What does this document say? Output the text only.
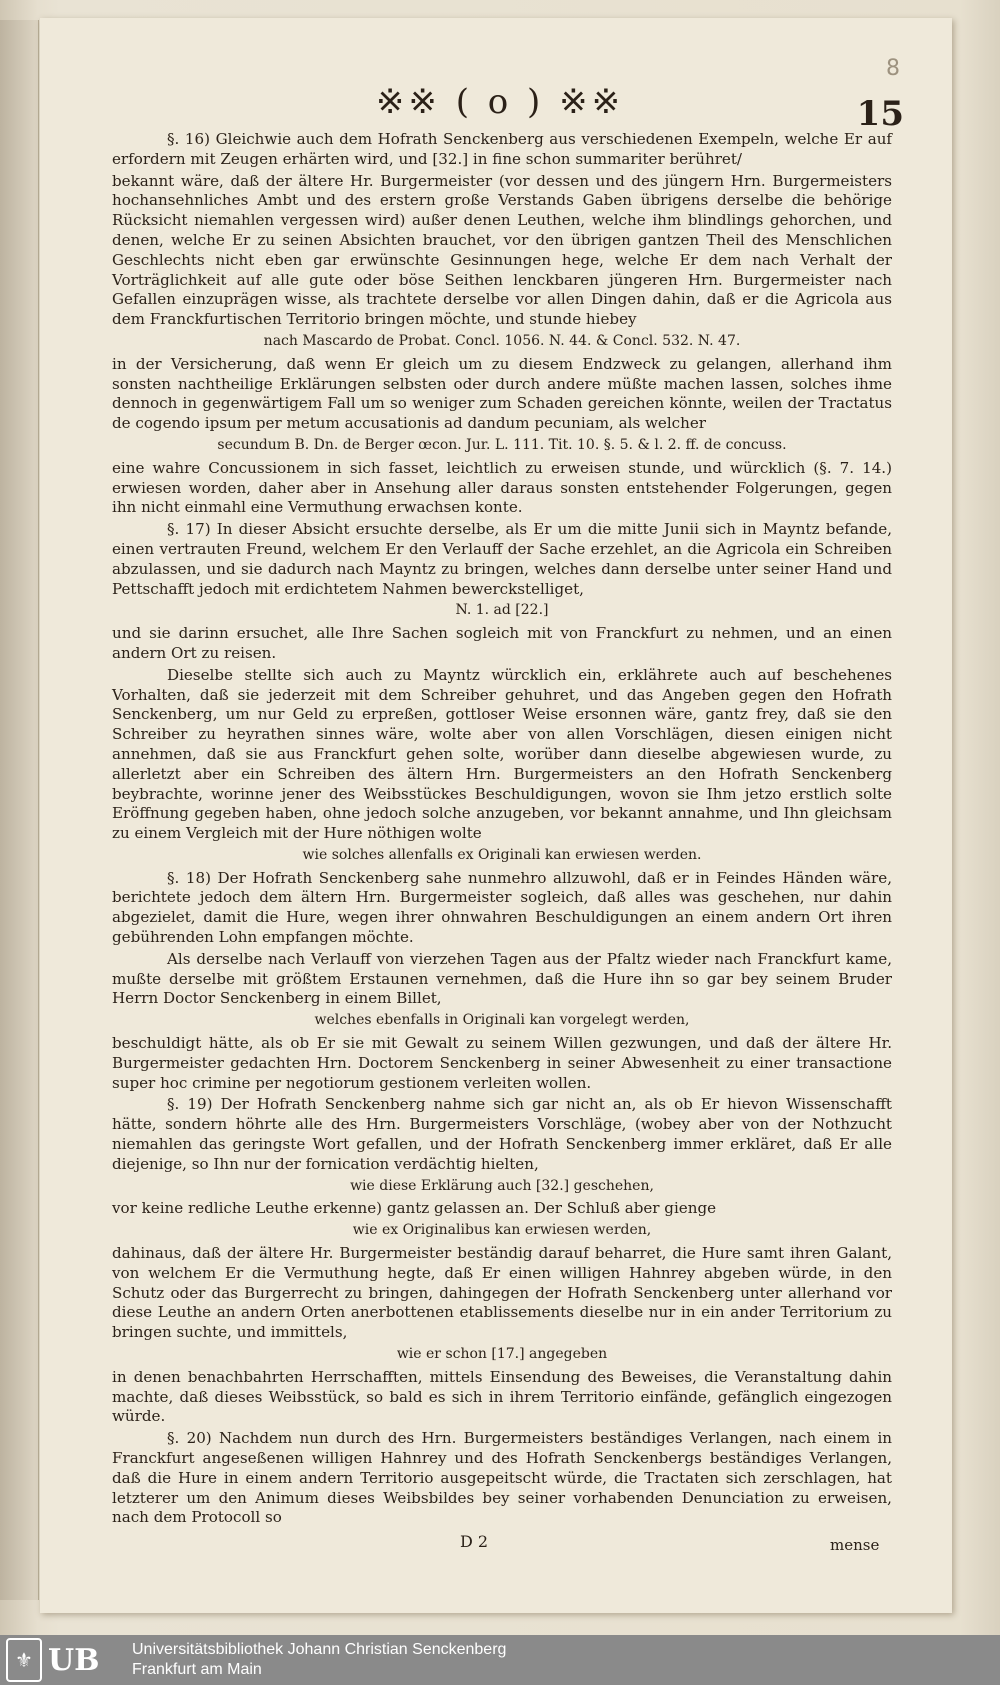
8
※※ ( o ) ※※	15

§. 16) Gleichwie auch dem Hofrath Senckenberg aus verschiedenen Exempeln, welche Er auf erfordern mit Zeugen erhärten wird, und [32.] in fine schon summariter berühret/

bekannt wäre, daß der ältere Hr. Burgermeister (vor dessen und des jüngern Hrn. Burgermeisters hochansehnliches Ambt und des erstern große Verstands Gaben übrigens derselbe die behörige Rücksicht niemahlen vergessen wird) außer denen Leuthen, welche ihm blindlings gehorchen, und denen, welche Er zu seinen Absichten brauchet, vor den übrigen gantzen Theil des Menschlichen Geschlechts nicht eben gar erwünschte Gesinnungen hege, welche Er dem nach Verhalt der Vorträglichkeit auf alle gute oder böse Seithen lenckbaren jüngeren Hrn. Burgermeister nach Gefallen einzuprägen wisse, als trachtete derselbe vor allen Dingen dahin, daß er die Agricola aus dem Franckfurtischen Territorio bringen möchte, und stunde hiebey

nach Mascardo de Probat. Concl. 1056. N. 44. & Concl. 532. N. 47.

in der Versicherung, daß wenn Er gleich um zu diesem Endzweck zu gelangen, allerhand ihm sonsten nachtheilige Erklärungen selbsten oder durch andere müßte machen lassen, solches ihme dennoch in gegenwärtigem Fall um so weniger zum Schaden gereichen könnte, weilen der Tractatus de cogendo ipsum per metum accusationis ad dandum pecuniam, als welcher

secundum B. Dn. de Berger œcon. Jur. L. 111. Tit. 10. §. 5. & l. 2. ff. de concuss.

eine wahre Concussionem in sich fasset, leichtlich zu erweisen stunde, und würcklich (§. 7. 14.) erwiesen worden, daher aber in Ansehung aller daraus sonsten entstehender Folgerungen, gegen ihn nicht einmahl eine Vermuthung erwachsen konte.

§. 17) In dieser Absicht ersuchte derselbe, als Er um die mitte Junii sich in Mayntz befande, einen vertrauten Freund, welchem Er den Verlauff der Sache erzehlet, an die Agricola ein Schreiben abzulassen, und sie dadurch nach Mayntz zu bringen, welches dann derselbe unter seiner Hand und Pettschafft jedoch mit erdichtetem Nahmen bewerckstelliget,

N. 1. ad [22.]

und sie darinn ersuchet, alle Ihre Sachen sogleich mit von Franckfurt zu nehmen, und an einen andern Ort zu reisen.

Dieselbe stellte sich auch zu Mayntz würcklich ein, erklährete auch auf beschehenes Vorhalten, daß sie jederzeit mit dem Schreiber gehuhret, und das Angeben gegen den Hofrath Senckenberg, um nur Geld zu erpreßen, gottloser Weise ersonnen wäre, gantz frey, daß sie den Schreiber zu heyrathen sinnes wäre, wolte aber von allen Vorschlägen, diesen einigen nicht annehmen, daß sie aus Franckfurt gehen solte, worüber dann dieselbe abgewiesen wurde, zu allerletzt aber ein Schreiben des ältern Hrn. Burgermeisters an den Hofrath Senckenberg beybrachte, worinne jener des Weibsstückes Beschuldigungen, wovon sie Ihm jetzo erstlich solte Eröffnung gegeben haben, ohne jedoch solche anzugeben, vor bekannt annahme, und Ihn gleichsam zu einem Vergleich mit der Hure nöthigen wolte

wie solches allenfalls ex Originali kan erwiesen werden.

§. 18) Der Hofrath Senckenberg sahe nunmehro allzuwohl, daß er in Feindes Händen wäre, berichtete jedoch dem ältern Hrn. Burgermeister sogleich, daß alles was geschehen, nur dahin abgezielet, damit die Hure, wegen ihrer ohnwahren Beschuldigungen an einem andern Ort ihren gebührenden Lohn empfangen möchte.

Als derselbe nach Verlauff von vierzehen Tagen aus der Pfaltz wieder nach Franckfurt kame, mußte derselbe mit größtem Erstaunen vernehmen, daß die Hure ihn so gar bey seinem Bruder Herrn Doctor Senckenberg in einem Billet,

welches ebenfalls in Originali kan vorgelegt werden,

beschuldigt hätte, als ob Er sie mit Gewalt zu seinem Willen gezwungen, und daß der ältere Hr. Burgermeister gedachten Hrn. Doctorem Senckenberg in seiner Abwesenheit zu einer transactione super hoc crimine per negotiorum gestionem verleiten wollen.

§. 19) Der Hofrath Senckenberg nahme sich gar nicht an, als ob Er hievon Wissenschafft hätte, sondern höhrte alle des Hrn. Burgermeisters Vorschläge, (wobey aber von der Nothzucht niemahlen das geringste Wort gefallen, und der Hofrath Senckenberg immer erkläret, daß Er alle diejenige, so Ihn nur der fornication verdächtig hielten,

wie diese Erklärung auch [32.] geschehen,

vor keine redliche Leuthe erkenne) gantz gelassen an. Der Schluß aber gienge

wie ex Originalibus kan erwiesen werden,

dahinaus, daß der ältere Hr. Burgermeister beständig darauf beharret, die Hure samt ihren Galant, von welchem Er die Vermuthung hegte, daß Er einen willigen Hahnrey abgeben würde, in den Schutz oder das Burgerrecht zu bringen, dahingegen der Hofrath Senckenberg unter allerhand vor diese Leuthe an andern Orten anerbottenen etablissements dieselbe nur in ein ander Territorium zu bringen suchte, und immittels,

wie er schon [17.] angegeben

in denen benachbahrten Herrschafften, mittels Einsendung des Beweises, die Veranstaltung dahin machte, daß dieses Weibsstück, so bald es sich in ihrem Territorio einfände, gefänglich eingezogen würde.

§. 20) Nachdem nun durch des Hrn. Burgermeisters beständiges Verlangen, nach einem in Franckfurt angeseßenen willigen Hahnrey und des Hofrath Senckenbergs beständiges Verlangen, daß die Hure in einem andern Territorio ausgepeitscht würde, die Tractaten sich zerschlagen, hat letzterer um den Animum dieses Weibsbildes bey seiner vorhabenden Denunciation zu erweisen, nach dem Protocoll so

D 2	mense
⚜ UB Universitätsbibliothek Johann Christian Senckenberg
Frankfurt am Main
